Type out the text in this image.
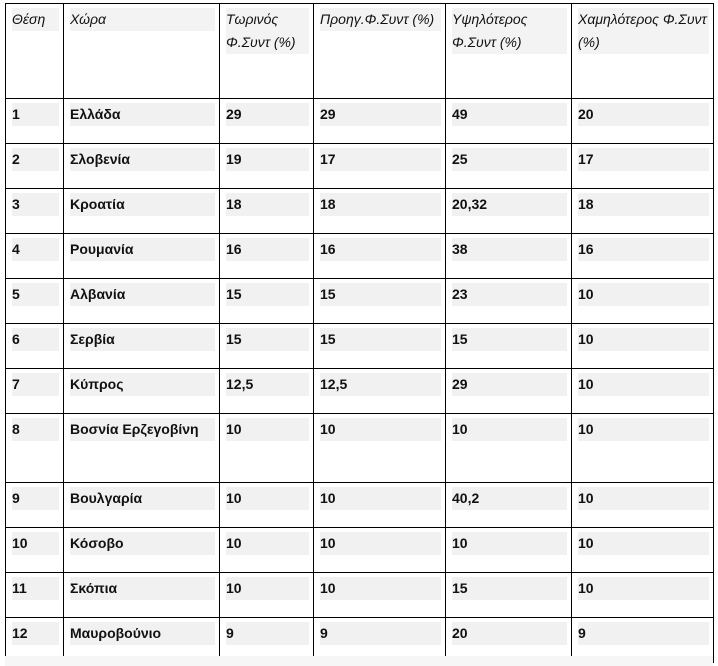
Θέση	Χώρα	Τωρινός Φ.Συντ (%)	Προηγ.Φ.Συντ (%)	Υψηλότερος Φ.Συντ (%)	Χαμηλότερος Φ.Συντ (%)

1	Ελλάδα	29	29	49	20

2	Σλοβενία	19	17	25	17

3	Κροατία	18	18	20,32	18

4	Ρουμανία	16	16	38	16

5	Αλβανία	15	15	23	10

6	Σερβία	15	15	15	10

7	Κύπρος	12,5	12,5	29	10

8	Βοσνία Ερζεγοβίνη	10	10	10	10

9	Βουλγαρία	10	10	40,2	10

10	Κόσοβο	10	10	10	10

11	Σκόπια	10	10	15	10

12	Μαυροβούνιο	9	9	20	9
